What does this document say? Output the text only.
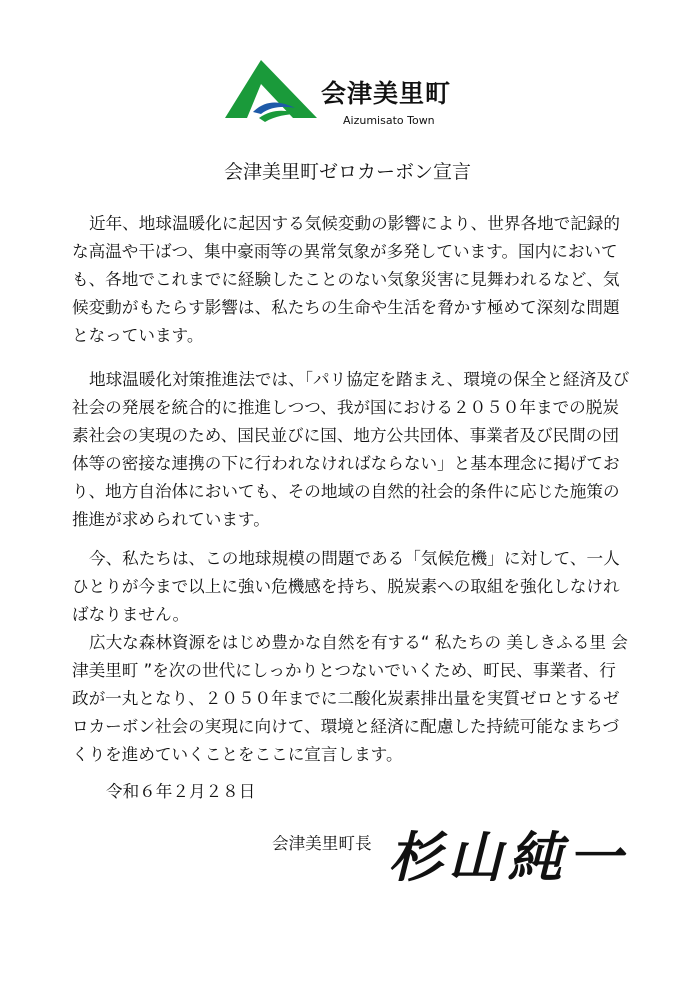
会津美里町
Aizumisato Town
会津美里町ゼロカーボン宣言

近年、地球温暖化に起因する気候変動の影響により、世界各地で記録的な高温や干ばつ、集中豪雨等の異常気象が多発しています。国内においても、各地でこれまでに経験したことのない気象災害に見舞われるなど、気候変動がもたらす影響は、私たちの生命や生活を脅かす極めて深刻な問題となっています。

地球温暖化対策推進法では、「パリ協定を踏まえ、環境の保全と経済及び社会の発展を統合的に推進しつつ、我が国における２０５０年までの脱炭素社会の実現のため、国民並びに国、地方公共団体、事業者及び民間の団体等の密接な連携の下に行われなければならない」と基本理念に掲げており、地方自治体においても、その地域の自然的社会的条件に応じた施策の推進が求められています。

今、私たちは、この地球規模の問題である「気候危機」に対して、一人ひとりが今まで以上に強い危機感を持ち、脱炭素への取組を強化しなければなりません。

広大な森林資源をはじめ豊かな自然を有する“ 私たちの 美しきふる里 会津美里町 ”を次の世代にしっかりとつないでいくため、町民、事業者、行政が一丸となり、２０５０年までに二酸化炭素排出量を実質ゼロとするゼロカーボン社会の実現に向けて、環境と経済に配慮した持続可能なまちづくりを進めていくことをここに宣言します。

令和６年２月２８日
会津美里町長 杉山純一
